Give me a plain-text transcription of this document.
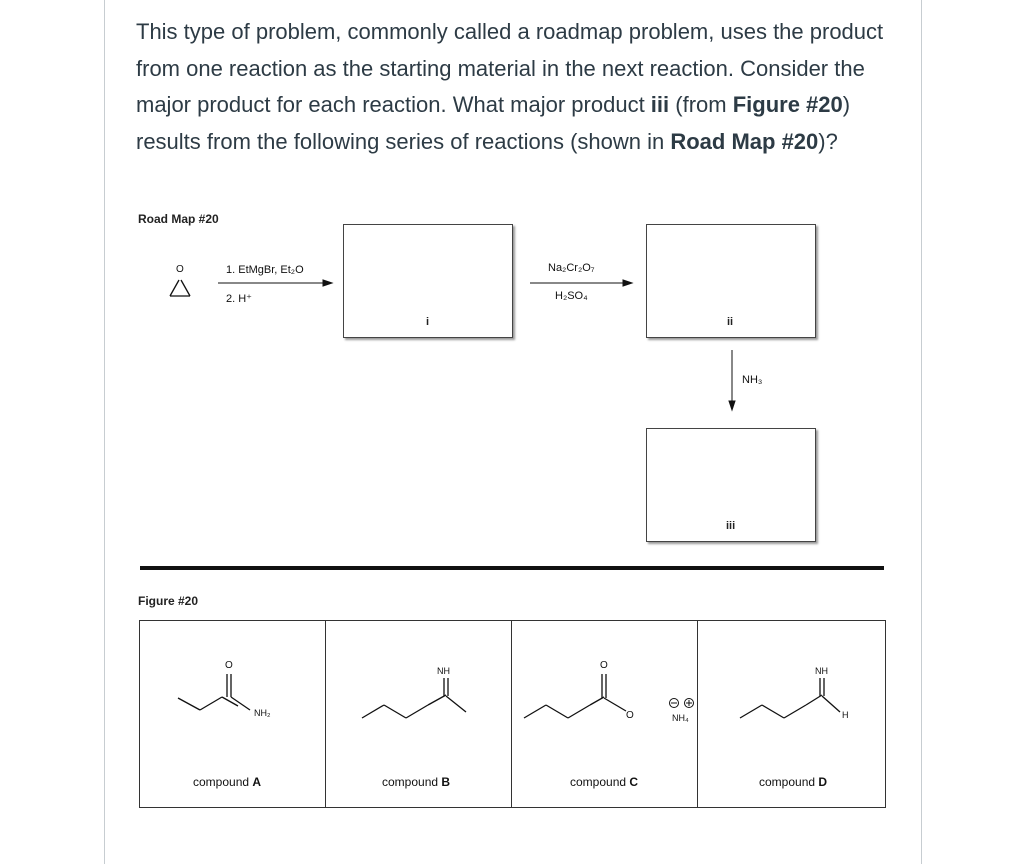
This type of problem, commonly called a roadmap problem, uses the product from one reaction as the starting material in the next reaction. Consider the major product for each reaction. What major product iii (from Figure #20) results from the following series of reactions (shown in Road Map #20)?
Road Map #20
O	1. EtMgBr, Et₂O
2. H⁺
Na₂Cr₂O₇
H₂SO₄
NH₃
i	ii
iii
Figure #20
O
NH₂
NH	O
O	NH₄
NH
H
compound A	compound B	compound C	compound D
